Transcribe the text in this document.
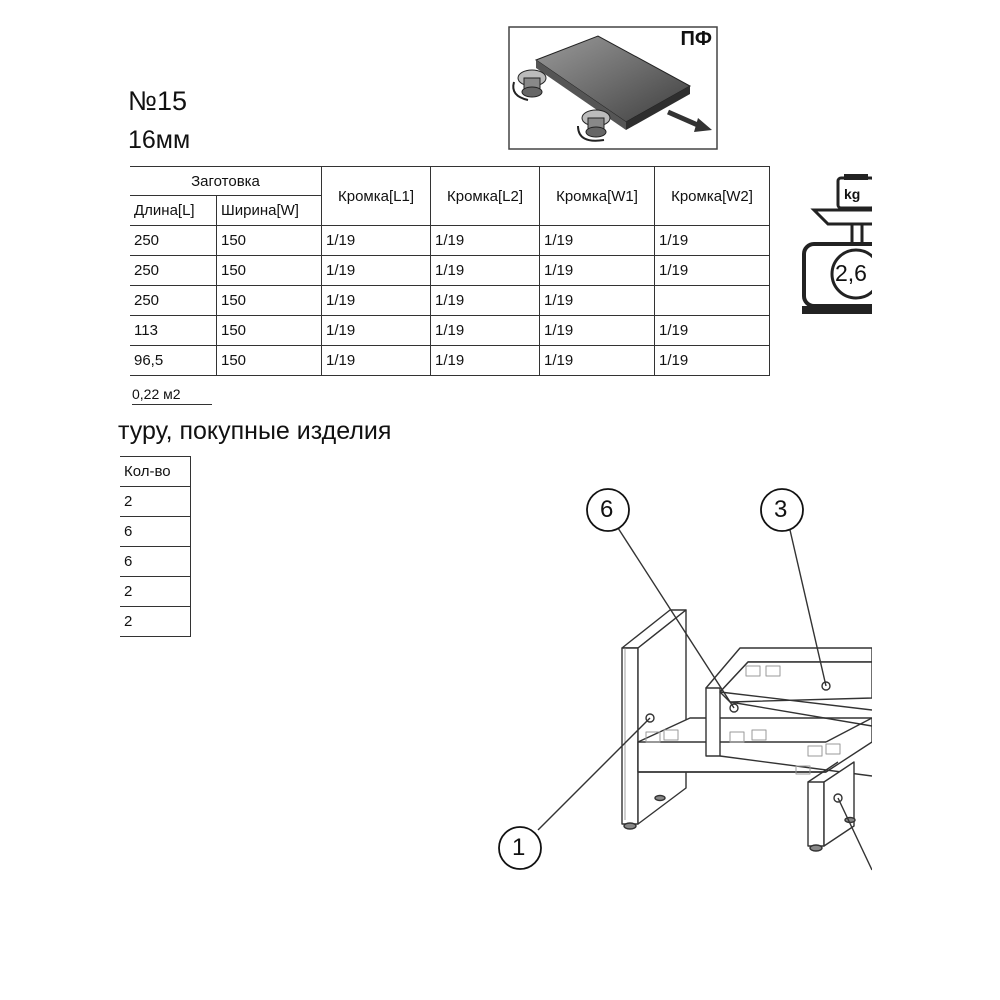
№15
16мм
ПФ
Заготовка		Кромка[L1]	Кромка[L2]	Кромка[W1]	Кромка[W2]
Длина[L]	Ширина[W]				
250	150	1/19	1/19	1/19	1/19
250	150	1/19	1/19	1/19	1/19
250	150	1/19	1/19	1/19	
113	150	1/19	1/19	1/19	1/19
96,5	150	1/19	1/19	1/19	1/19
kg
2,6
0,22 м2
туру, покупные изделия
Кол-во
2
6
6
2
2
6	3
1
